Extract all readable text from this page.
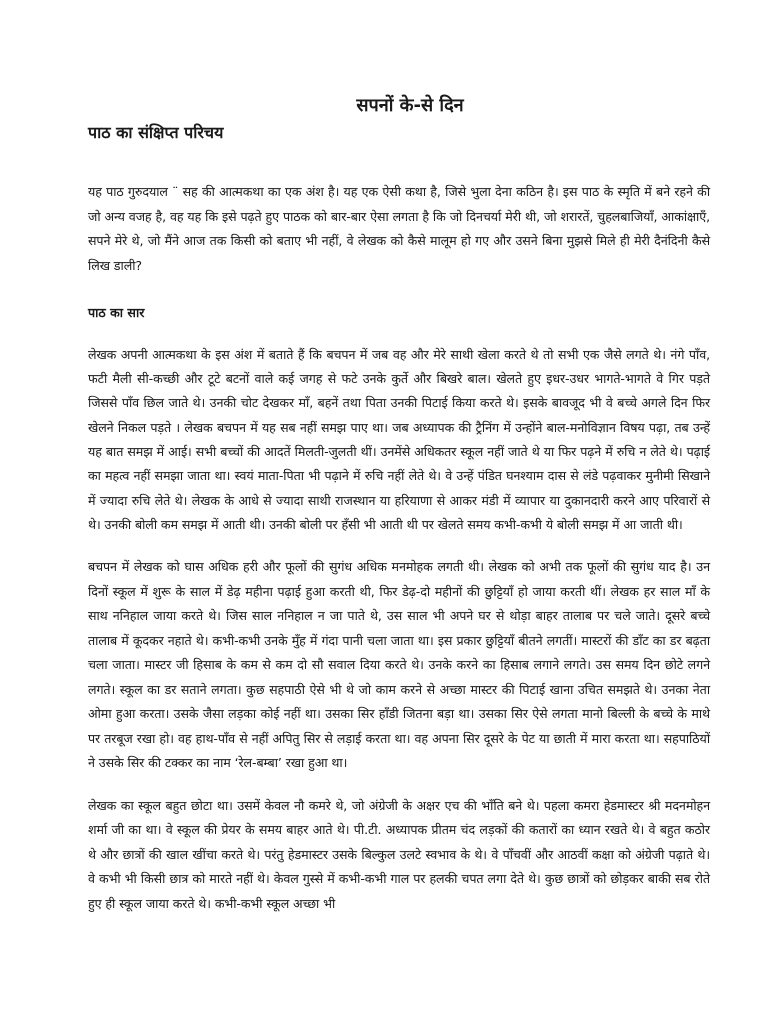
सपनों के-से दिन
पाठ का संक्षिप्त परिचय

यह पाठ गुरुदयाल ¨ सह की आत्मकथा का एक अंश है। यह एक ऐसी कथा है, जिसे भुला देना कठिन है। इस पाठ के स्मृति में बने रहने की जो अन्य वजह है, वह यह कि इसे पढ़ते हुए पाठक को बार-बार ऐसा लगता है कि जो दिनचर्या मेरी थी, जो शरारतें, चुहलबाजियाँ, आकांक्षाएँ, सपने मेरे थे, जो मैंने आज तक किसी को बताए भी नहीं, वे लेखक को कैसे मालूम हो गए और उसने बिना मुझसे मिले ही मेरी दैनंदिनी कैसे लिख डाली?

पाठ का सार

लेखक अपनी आत्मकथा के इस अंश में बताते हैं कि बचपन में जब वह और मेरे साथी खेला करते थे तो सभी एक जैसे लगते थे। नंगे पाँव, फटी मैली सी-कच्छी और टूटे बटनों वाले कई जगह से फटे उनके कुर्ते और बिखरे बाल। खेलते हुए इधर-उधर भागते-भागते वे गिर पड़ते जिससे पाँव छिल जाते थे। उनकी चोट देखकर माँ, बहनें तथा पिता उनकी पिटाई किया करते थे। इसके बावजूद भी वे बच्चे अगले दिन फिर खेलने निकल पड़ते । लेखक बचपन में यह सब नहीं समझ पाए था। जब अध्यापक की ट्रैनिंग में उन्होंने बाल-मनोविज्ञान विषय पढ़ा, तब उन्हें यह बात समझ में आई। सभी बच्चों की आदतें मिलती-जुलती थीं। उनमेंसे अधिकतर स्कूल नहीं जाते थे या फिर पढ़ने में रुचि न लेते थे। पढ़ाई का महत्व नहीं समझा जाता था। स्वयं माता-पिता भी पढ़ाने में रुचि नहीं लेते थे। वे उन्हें पंडित घनश्याम दास से लंडे पढ़वाकर मुनीमी सिखाने में ज्यादा रुचि लेते थे। लेखक के आधे से ज्यादा साथी राजस्थान या हरियाणा से आकर मंडी में व्यापार या दुकानदारी करने आए परिवारों से थे। उनकी बोली कम समझ में आती थी। उनकी बोली पर हँसी भी आती थी पर खेलते समय कभी-कभी ये बोली समझ में आ जाती थी।

बचपन में लेखक को घास अधिक हरी और फूलों की सुगंध अधिक मनमोहक लगती थी। लेखक को अभी तक फूलों की सुगंध याद है। उन दिनों स्कूल में शुरू के साल में डेढ़ महीना पढ़ाई हुआ करती थी, फिर डेढ़-दो महीनों की छुट्टियाँ हो जाया करती थीं। लेखक हर साल माँ के साथ ननिहाल जाया करते थे। जिस साल ननिहाल न जा पाते थे, उस साल भी अपने घर से थोड़ा बाहर तालाब पर चले जाते। दूसरे बच्चे तालाब में कूदकर नहाते थे। कभी-कभी उनके मुँह में गंदा पानी चला जाता था। इस प्रकार छुट्टियाँ बीतने लगतीं। मास्टरों की डाँट का डर बढ़ता चला जाता। मास्टर जी हिसाब के कम से कम दो सौ सवाल दिया करते थे। उनके करने का हिसाब लगाने लगते। उस समय दिन छोटे लगने लगते। स्कूल का डर सताने लगता। कुछ सहपाठी ऐसे भी थे जो काम करने से अच्छा मास्टर की पिटाई खाना उचित समझते थे। उनका नेता ओमा हुआ करता। उसके जैसा लड़का कोई नहीं था। उसका सिर हाँडी जितना बड़ा था। उसका सिर ऐसे लगता मानो बिल्ली के बच्चे के माथे पर तरबूज रखा हो। वह हाथ-पाँव से नहीं अपितु सिर से लड़ाई करता था। वह अपना सिर दूसरे के पेट या छाती में मारा करता था। सहपाठियों ने उसके सिर की टक्कर का नाम ‘रेल-बम्बा’ रखा हुआ था।

लेखक का स्कूल बहुत छोटा था। उसमें केवल नौ कमरे थे, जो अंग्रेजी के अक्षर एच की भाँति बने थे। पहला कमरा हेडमास्टर श्री मदनमोहन शर्मा जी का था। वे स्कूल की प्रेयर के समय बाहर आते थे। पी.टी. अध्यापक प्रीतम चंद लड़कों की कतारों का ध्यान रखते थे। वे बहुत कठोर थे और छात्रों की खाल खींचा करते थे। परंतु हेडमास्टर उसके बिल्कुल उलटे स्वभाव के थे। वे पाँचवीं और आठवीं कक्षा को अंग्रेजी पढ़ाते थे। वे कभी भी किसी छात्र को मारते नहीं थे। केवल गुस्से में कभी-कभी गाल पर हलकी चपत लगा देते थे। कुछ छात्रों को छोड़कर बाकी सब रोते हुए ही स्कूल जाया करते थे। कभी-कभी स्कूल अच्छा भी
